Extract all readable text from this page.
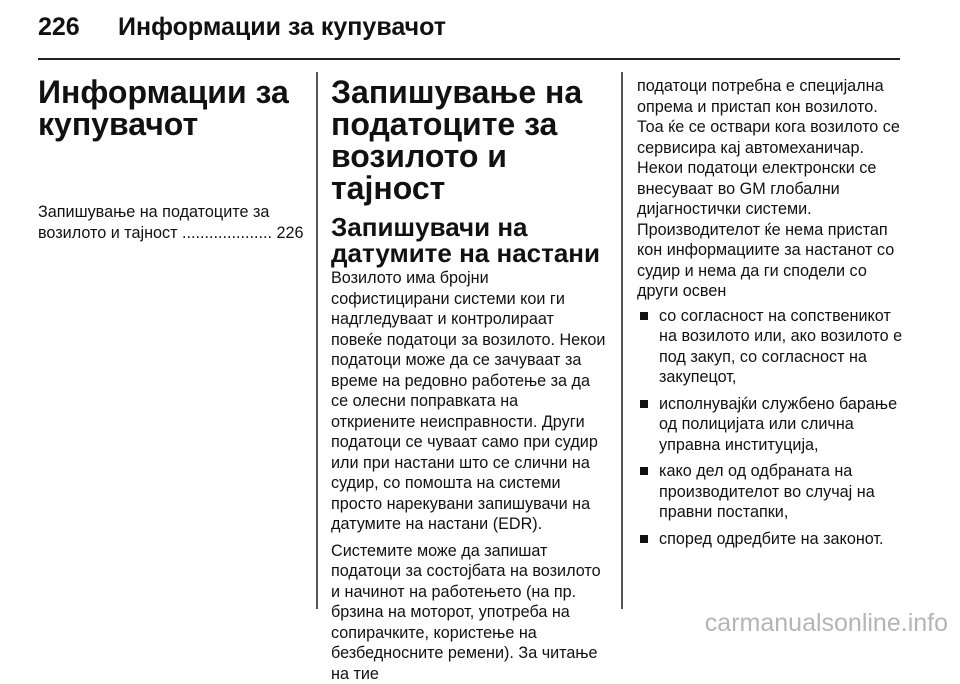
226 Информации за купувачот
Информации за купувачот

Запишување на податоците за возилото и тајност .................... 226

Запишување на податоците за возилото и тајност
Запишувачи на датумите на настани

Возилото има бројни софистицирани системи кои ги надгледуваат и контролираат повеќе податоци за возилото. Некои податоци може да се зачуваат за време на редовно работење за да се олесни поправката на откриените неисправности. Други податоци се чуваат само при судир или при настани што се слични на судир, со помошта на системи просто нарекувани запишувачи на датумите на настани (EDR).

Системите може да запишат податоци за состојбата на возилото и начинот на работењето (на пр. брзина на моторот, употреба на сопирачките, користење на безбедносните ремени). За читање на тие

податоци потребна е специјална опрема и пристап кон возилото. Тоа ќе се оствари кога возилото се сервисира кај автомеханичар. Некои податоци електронски се внесуваат во GM глобални дијагностички системи. Производителот ќе нема пристап кон информациите за настанот со судир и нема да ги сподели со други освен

со согласност на сопственикот на возилото или, ако возилото е под закуп, со согласност на закупецот,
исполнувајќи службено барање од полицијата или слична управна институција,
како дел од одбраната на производителот во случај на правни постапки,
според одредбите на законот.
carmanualsonline.info
